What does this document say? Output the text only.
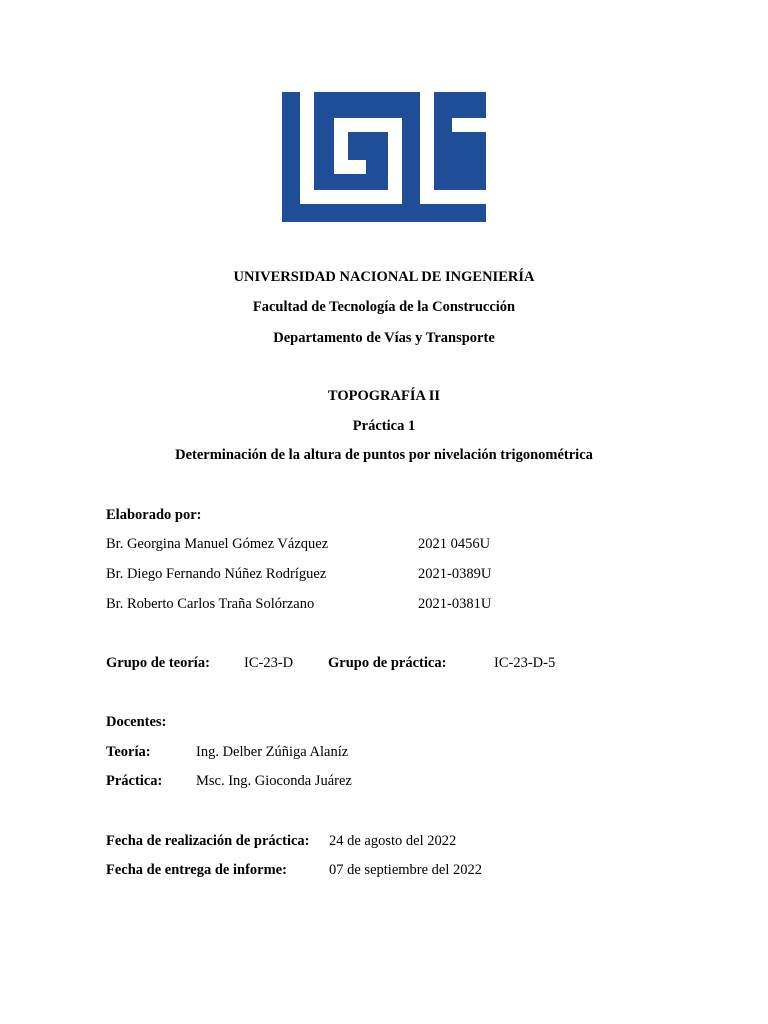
UNIVERSIDAD NACIONAL DE INGENIERÍA
Facultad de Tecnología de la Construcción
Departamento de Vías y Transporte
TOPOGRAFÍA II
Práctica 1
Determinación de la altura de puntos por nivelación trigonométrica
Elaborado por:
Br. Georgina Manuel Gómez Vázquez	2021 0456U
Br. Diego Fernando Núñez Rodríguez	2021-0389U
Br. Roberto Carlos Traña Solórzano	2021-0381U
Grupo de teoría: IC-23-D Grupo de práctica:	IC-23-D-5
Docentes:
Teoría:	Ing. Delber Zúñiga Alaníz
Práctica: Msc. Ing. Gioconda Juárez
Fecha de realización de práctica: 24 de agosto del 2022
Fecha de entrega de informe:	07 de septiembre del 2022
